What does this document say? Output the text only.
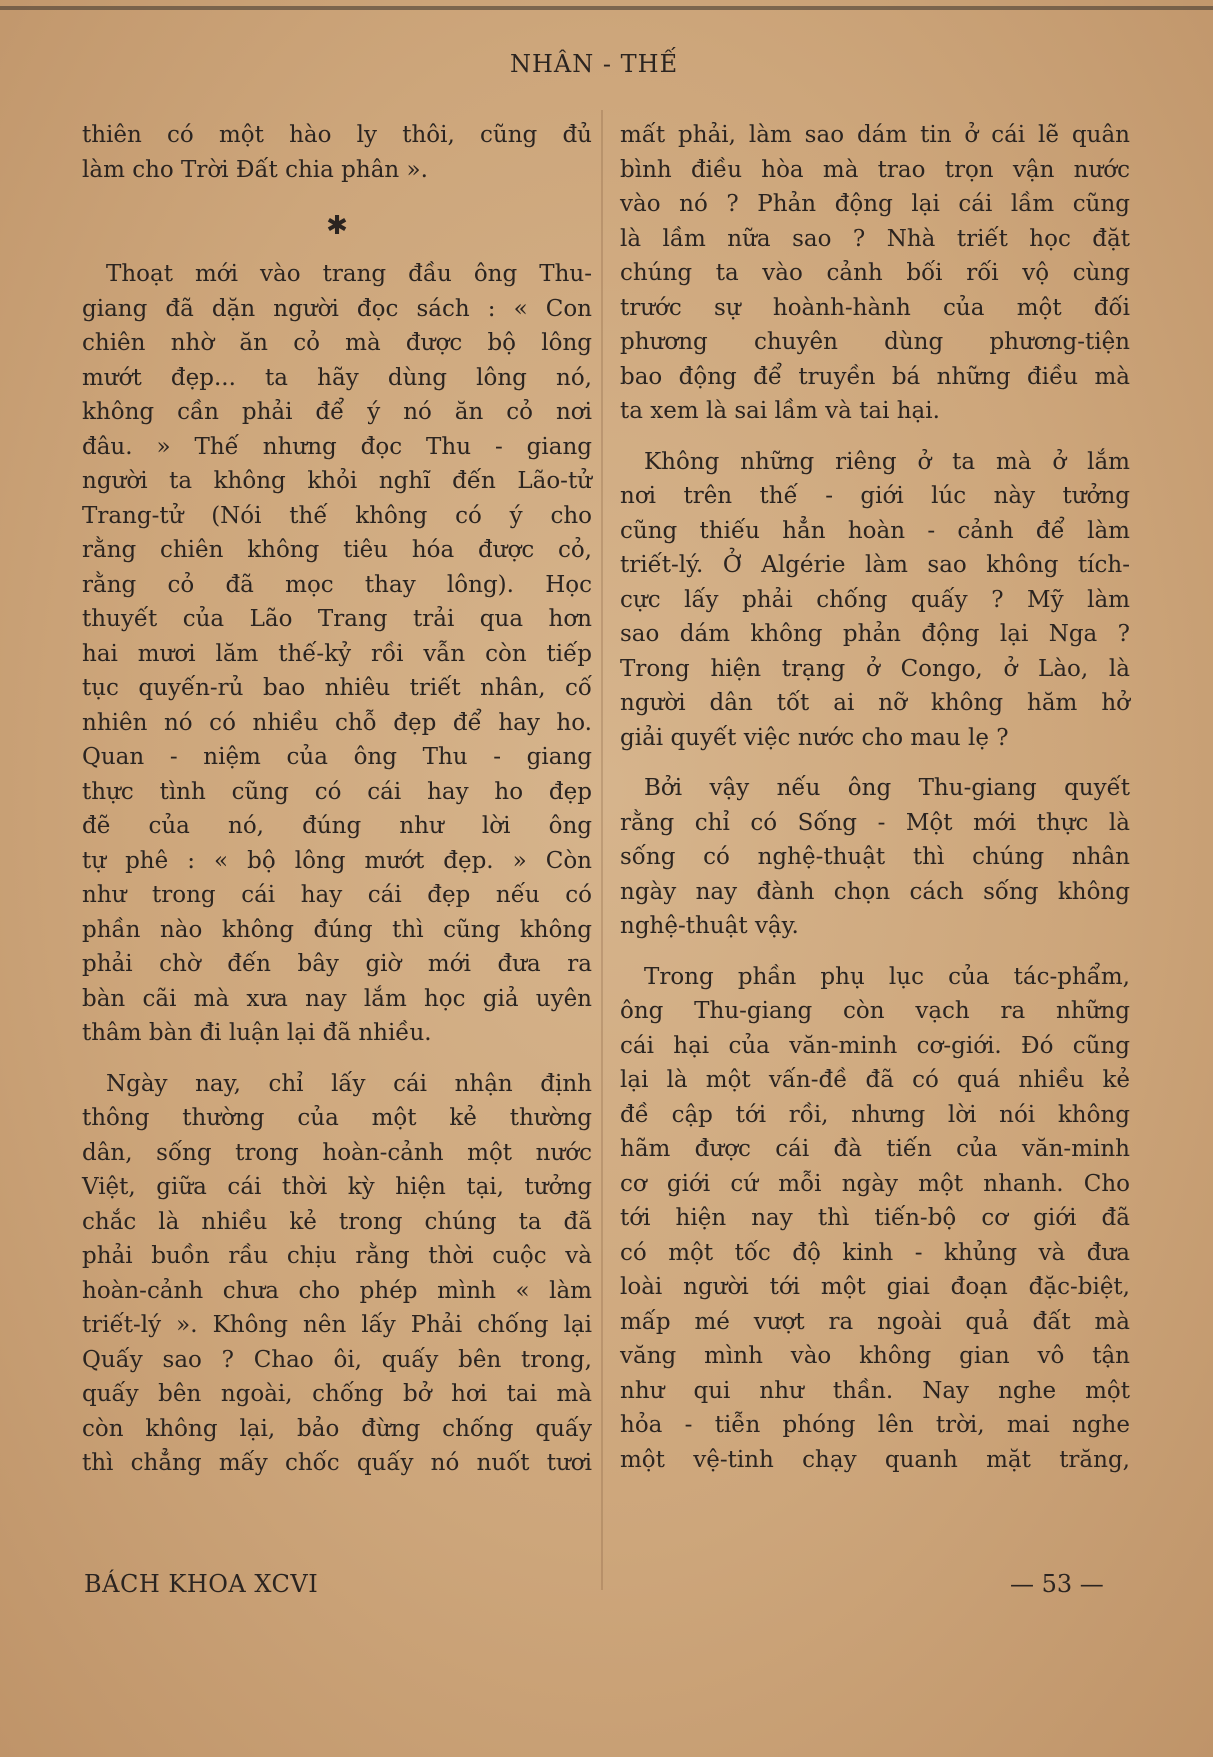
NHÂN - THẾ
thiên có một hào ly thôi, cũng đủ
làm cho Trời Đất chia phân ».
✱
Thoạt mới vào trang đầu ông Thu-
giang đã dặn người đọc sách : « Con
chiên nhờ ăn cỏ mà được bộ lông
mướt đẹp... ta hãy dùng lông nó,
không cần phải để ý nó ăn cỏ nơi
đâu. » Thế nhưng đọc Thu - giang
người ta không khỏi nghĩ đến Lão-tử
Trang-tử (Nói thế không có ý cho
rằng chiên không tiêu hóa được cỏ,
rằng cỏ đã mọc thay lông). Học
thuyết của Lão Trang trải qua hơn
hai mươi lăm thế-kỷ rồi vẫn còn tiếp
tục quyến-rủ bao nhiêu triết nhân, cố
nhiên nó có nhiều chỗ đẹp để hay ho.
Quan - niệm của ông Thu - giang
thực tình cũng có cái hay ho đẹp
đẽ của nó, đúng như lời ông
tự phê : « bộ lông mướt đẹp. » Còn
như trong cái hay cái đẹp nếu có
phần nào không đúng thì cũng không
phải chờ đến bây giờ mới đưa ra
bàn cãi mà xưa nay lắm học giả uyên
thâm bàn đi luận lại đã nhiều.
Ngày nay, chỉ lấy cái nhận định
thông thường của một kẻ thường
dân, sống trong hoàn-cảnh một nước
Việt, giữa cái thời kỳ hiện tại, tưởng
chắc là nhiều kẻ trong chúng ta đã
phải buồn rầu chịu rằng thời cuộc và
hoàn-cảnh chưa cho phép mình « làm
triết-lý ». Không nên lấy Phải chống lại
Quấy sao ? Chao ôi, quấy bên trong,
quấy bên ngoài, chống bở hơi tai mà
còn không lại, bảo đừng chống quấy
thì chẳng mấy chốc quấy nó nuốt tươi
mất phải, làm sao dám tin ở cái lẽ quân
bình điều hòa mà trao trọn vận nước
vào nó ? Phản động lại cái lầm cũng
là lầm nữa sao ? Nhà triết học đặt
chúng ta vào cảnh bối rối vộ cùng
trước sự hoành-hành của một đối
phương chuyên dùng phương-tiện
bao động để truyền bá những điều mà
ta xem là sai lầm và tai hại.
Không những riêng ở ta mà ở lắm
nơi trên thế - giới lúc này tưởng
cũng thiếu hẳn hoàn - cảnh để làm
triết-lý. Ở Algérie làm sao không tích-
cực lấy phải chống quấy ? Mỹ làm
sao dám không phản động lại Nga ?
Trong hiện trạng ở Congo, ở Lào, là
người dân tốt ai nỡ không hăm hở
giải quyết việc nước cho mau lẹ ?
Bởi vậy nếu ông Thu-giang quyết
rằng chỉ có Sống - Một mới thực là
sống có nghệ-thuật thì chúng nhân
ngày nay đành chọn cách sống không
nghệ-thuật vậy.
Trong phần phụ lục của tác-phẩm,
ông Thu-giang còn vạch ra những
cái hại của văn-minh cơ-giới. Đó cũng
lại là một vấn-đề đã có quá nhiều kẻ
đề cập tới rồi, nhưng lời nói không
hãm được cái đà tiến của văn-minh
cơ giới cứ mỗi ngày một nhanh. Cho
tới hiện nay thì tiến-bộ cơ giới đã
có một tốc độ kinh - khủng và đưa
loài người tới một giai đoạn đặc-biệt,
mấp mé vượt ra ngoài quả đất mà
văng mình vào không gian vô tận
như qui như thần. Nay nghe một
hỏa - tiễn phóng lên trời, mai nghe
một vệ-tinh chạy quanh mặt trăng,
BÁCH KHOA XCVI	— 53 —
